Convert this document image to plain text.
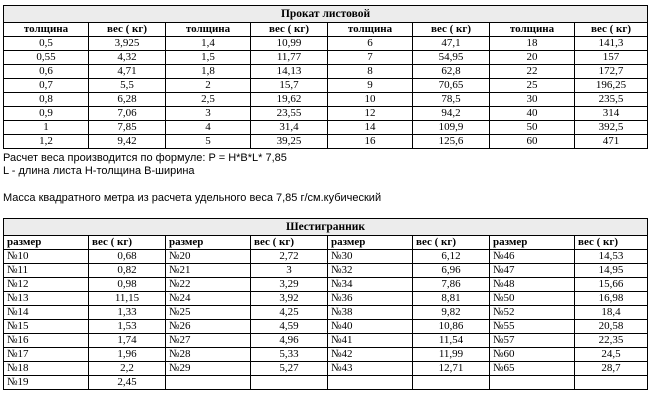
Прокат листовой							
толщина	вес ( кг)	толщина	вес ( кг)	толщина	вес ( кг)	толщина	вес ( кг)
0,5	3,925	1,4	10,99	6	47,1	18	141,3
0,55	4,32	1,5	11,77	7	54,95	20	157
0,6	4,71	1,8	14,13	8	62,8	22	172,7
0,7	5,5	2	15,7	9	70,65	25	196,25
0,8	6,28	2,5	19,62	10	78,5	30	235,5
0,9	7,06	3	23,55	12	94,2	40	314
1	7,85	4	31,4	14	109,9	50	392,5
1,2	9,42	5	39,25	16	125,6	60	471
Расчет веса производится по формуле: P = H*B*L* 7,85
L - длина листа H-толщина B-ширина
Масса квадратного метра из расчета удельного веса 7,85 г/см.кубический
Шестигранник							
размер	вес ( кг)	размер	вес ( кг)	размер	вес ( кг)	размер	вес ( кг)
№10	0,68	№20	2,72	№30	6,12	№46	14,53
№11	0,82	№21	3	№32	6,96	№47	14,95
№12	0,98	№22	3,29	№34	7,86	№48	15,66
№13	11,15	№24	3,92	№36	8,81	№50	16,98
№14	1,33	№25	4,25	№38	9,82	№52	18,4
№15	1,53	№26	4,59	№40	10,86	№55	20,58
№16	1,74	№27	4,96	№41	11,54	№57	22,35
№17	1,96	№28	5,33	№42	11,99	№60	24,5
№18	2,2	№29	5,27	№43	12,71	№65	28,7
№19	2,45						
